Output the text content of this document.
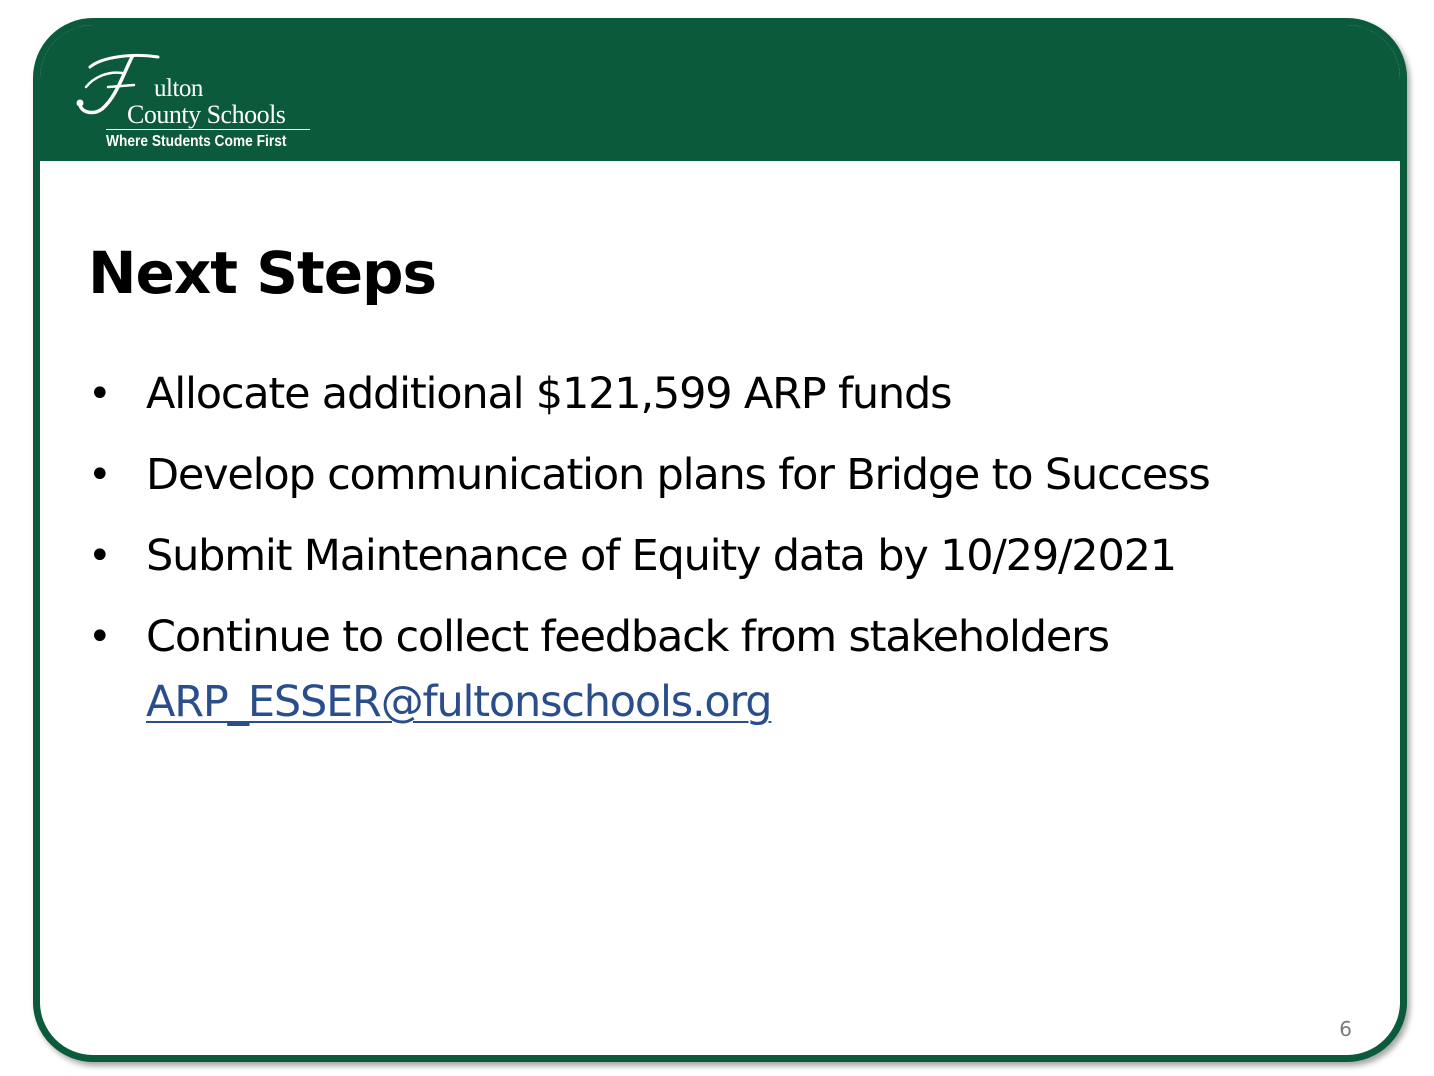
ulton
County Schools
Where Students Come First
Next Steps
• Allocate additional $121,599 ARP funds
• Develop communication plans for Bridge to Success
• Submit Maintenance of Equity data by 10/29/2021
• Continue to collect feedback from stakeholders
ARP_ESSER@fultonschools.org
6
